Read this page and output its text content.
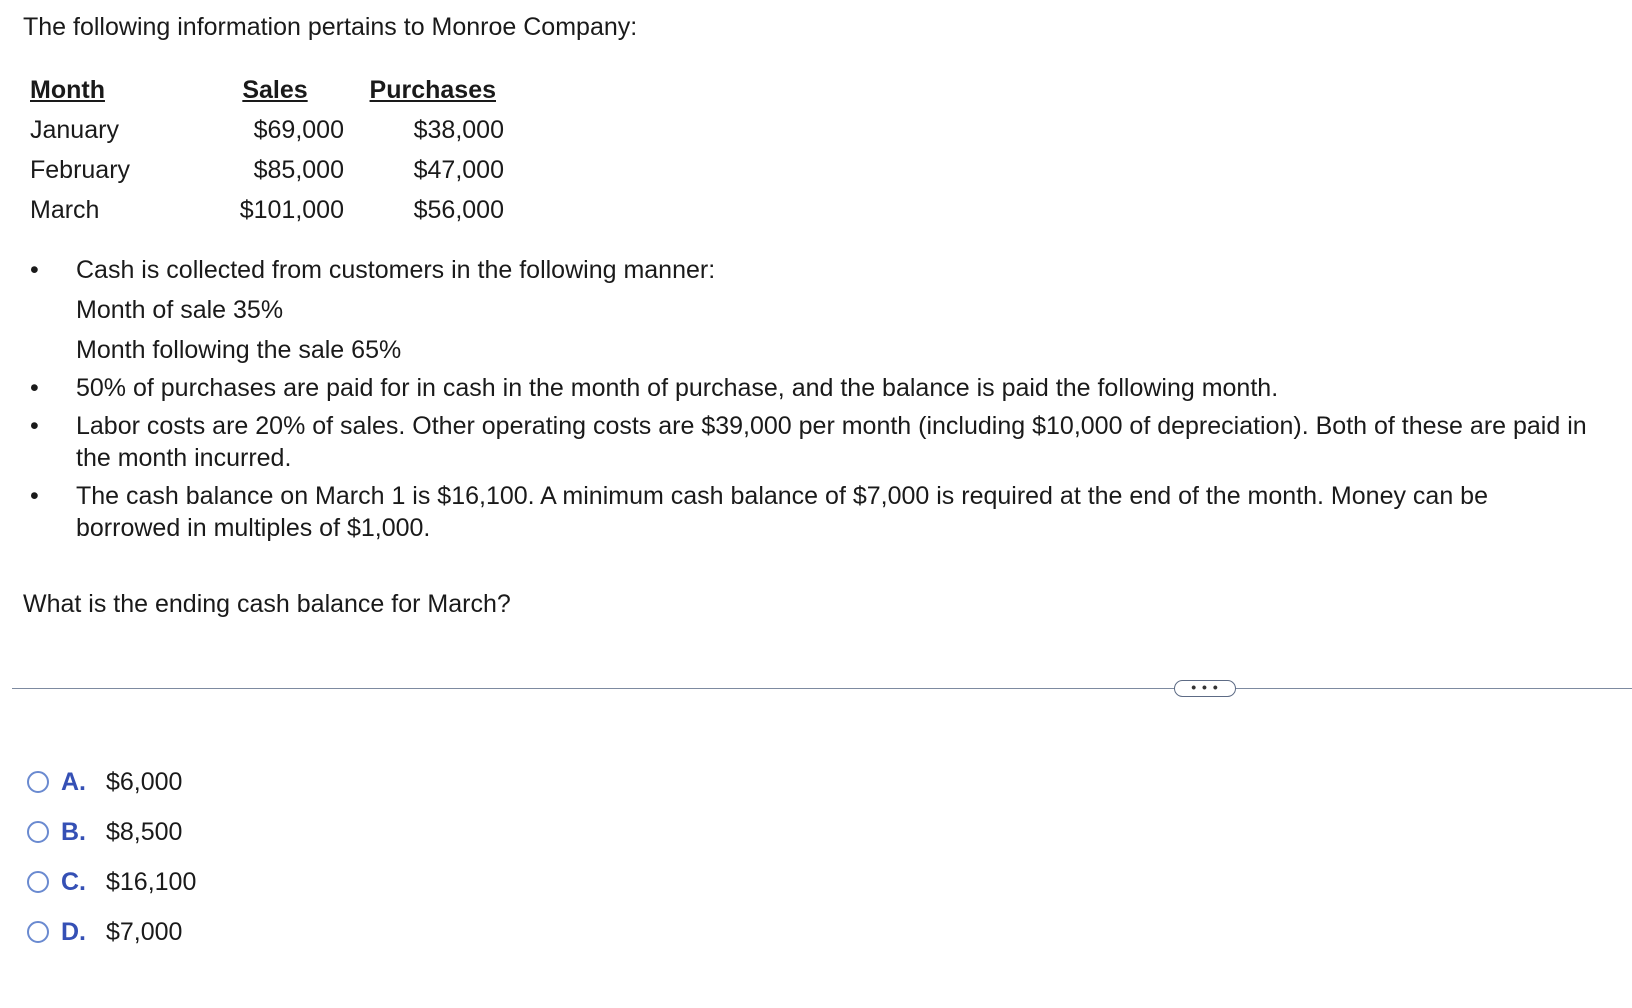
The following information pertains to Monroe Company:
Month	Sales	Purchases
January	$69,000	$38,000
February	$85,000	$47,000
March	$101,000	$56,000
• Cash is collected from customers in the following manner:
Month of sale 35%
Month following the sale 65%
• 50% of purchases are paid for in cash in the month of purchase, and the balance is paid the following month.
• Labor costs are 20% of sales. Other operating costs are $39,000 per month (including $10,000 of depreciation). Both of these are paid in the month incurred.
• The cash balance on March 1 is $16,100. A minimum cash balance of $7,000 is required at the end of the month. Money can be borrowed in multiples of $1,000.
What is the ending cash balance for March?
• • •
A. $6,000
B. $8,500
C. $16,100
D. $7,000
